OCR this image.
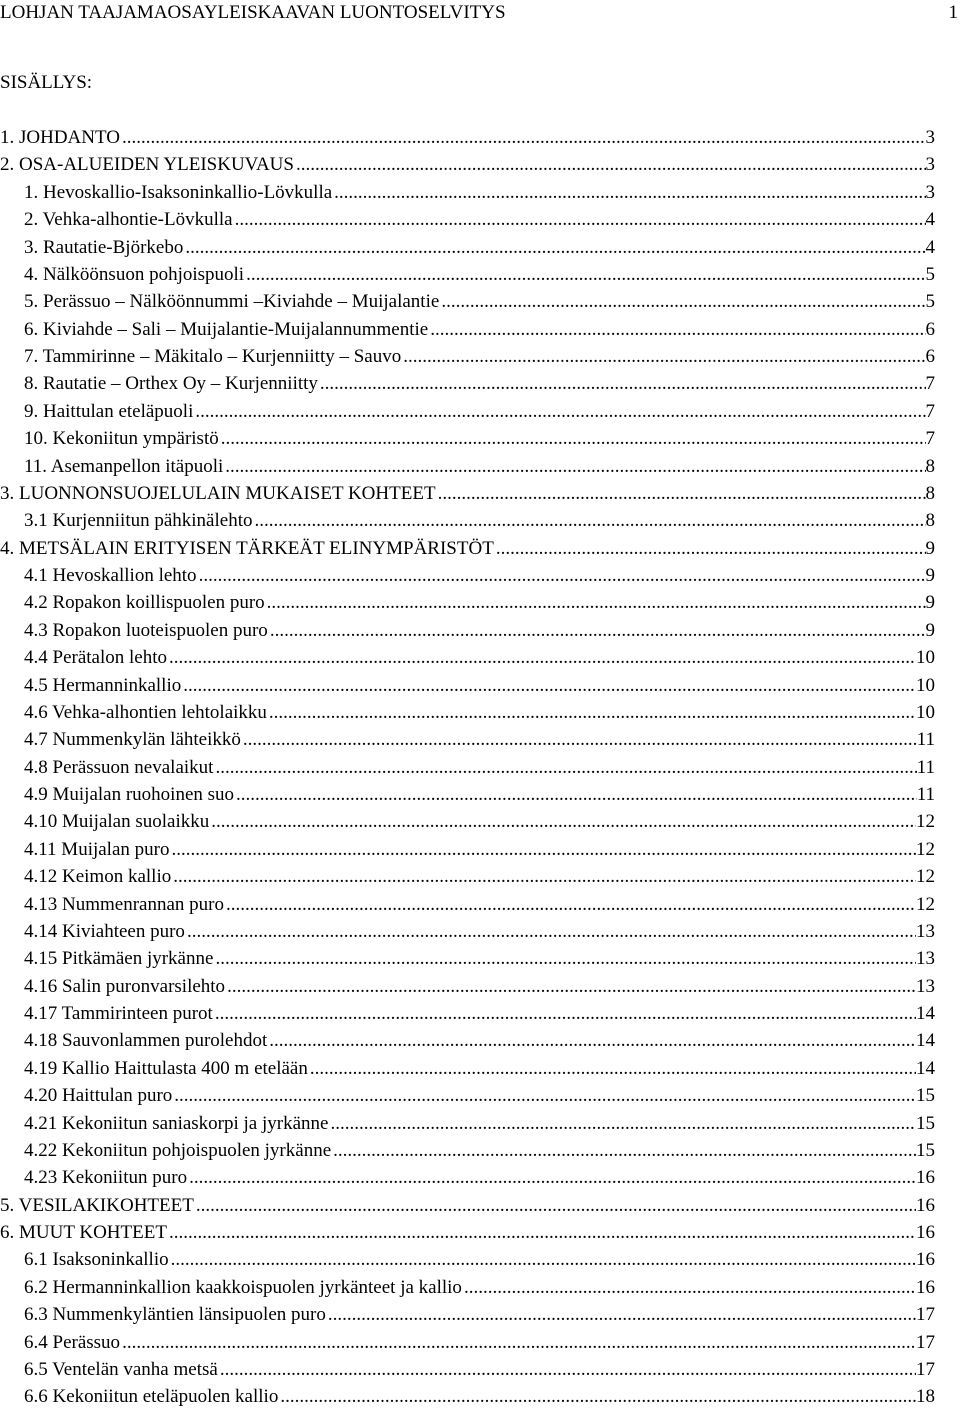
LOHJAN TAAJAMAOSAYLEISKAAVAN LUONTOSELVITYS	1
SISÄLLYS:
1. JOHDANTO .....	3
2. OSA-ALUEIDEN YLEISKUVAUS .....	3
1. Hevoskallio-Isaksoninkallio-Lövkulla .....	3
2. Vehka-alhontie-Lövkulla .....	4
3. Rautatie-Björkebo .....	4
4. Nälköönsuon pohjoispuoli .....	5
5. Perässuo – Nälköönnummi –Kiviahde – Muijalantie .....	5
6. Kiviahde – Sali – Muijalantie-Muijalannummentie .....	6
7. Tammirinne – Mäkitalo – Kurjenniitty – Sauvo .....	6
8. Rautatie – Orthex Oy – Kurjenniitty .....	7
9. Haittulan eteläpuoli .....	7
10. Kekoniitun ympäristö .....	7
11. Asemanpellon itäpuoli .....	8
3. LUONNONSUOJELULAIN MUKAISET KOHTEET .....	8
3.1 Kurjenniitun pähkinälehto .....	8
4. METSÄLAIN ERITYISEN TÄRKEÄT ELINYMPÄRISTÖT .....	9
4.1 Hevoskallion lehto .....	9
4.2 Ropakon koillispuolen puro .....	9
4.3 Ropakon luoteispuolen puro .....	9
4.4 Perätalon lehto .....	10
4.5 Hermanninkallio .....	10
4.6 Vehka-alhontien lehtolaikku .....	10
4.7 Nummenkylän lähteikkö .....	11
4.8 Perässuon nevalaikut .....	11
4.9 Muijalan ruohoinen suo .....	11
4.10 Muijalan suolaikku .....	12
4.11 Muijalan puro .....	12
4.12 Keimon kallio .....	12
4.13 Nummenrannan puro .....	12
4.14 Kiviahteen puro .....	13
4.15 Pitkämäen jyrkänne .....	13
4.16 Salin puronvarsilehto .....	13
4.17 Tammirinteen purot .....	14
4.18 Sauvonlammen purolehdot .....	14
4.19 Kallio Haittulasta 400 m etelään .....	14
4.20 Haittulan puro .....	15
4.21 Kekoniitun saniaskorpi ja jyrkänne .....	15
4.22 Kekoniitun pohjoispuolen jyrkänne .....	15
4.23 Kekoniitun puro .....	16
5. VESILAKIKOHTEET .....	16
6. MUUT KOHTEET .....	16
6.1 Isaksoninkallio .....	16
6.2 Hermanninkallion kaakkoispuolen jyrkänteet ja kallio .....	16
6.3 Nummenkyläntien länsipuolen puro .....	17
6.4 Perässuo .....	17
6.5 Ventelän vanha metsä .....	17
6.6 Kekoniitun eteläpuolen kallio .....	18
